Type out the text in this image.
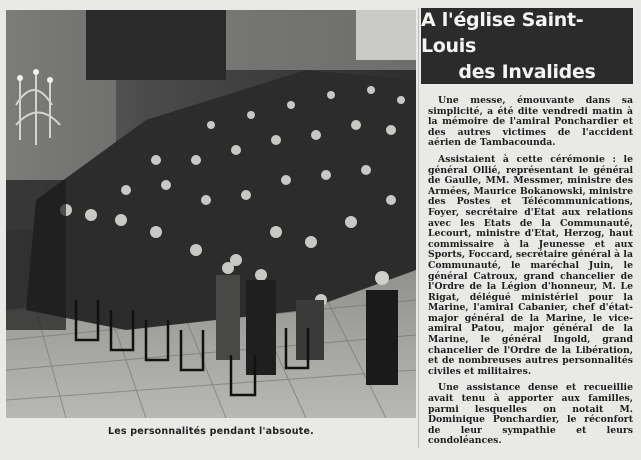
Les personnalités pendant l'absoute.
A l'église Saint-Louis
des Invalides

Une messe, émouvante dans sa simplicité, a été dite vendredi matin à la mémoire de l'amiral Ponchardier et des autres victimes de l'accident aérien de Tambacounda.

Assistaient à cette cérémonie : le général Ollié, représentant le général de Gaulle, MM. Messmer, ministre des Armées, Maurice Bokanowski, ministre des Postes et Télécommunications, Foyer, secrétaire d'Etat aux relations avec les Etats de la Communauté, Lecourt, ministre d'Etat, Herzog, haut commissaire à la Jeunesse et aux Sports, Foccard, secrétaire général à la Communauté, le maréchal Juin, le général Catroux, grand chancelier de l'Ordre de la Légion d'honneur, M. Le Rigat, délégué ministériel pour la Marine, l'amiral Cabanier, chef d'état-major général de la Marine, le vice-amiral Patou, major général de la Marine, le général Ingold, grand chancelier de l'Ordre de la Libération, et de nombreuses autres personnalités civiles et militaires.

Une assistance dense et recueillie avait tenu à apporter aux familles, parmi lesquelles on notait M. Dominique Ponchardier, le réconfort de leur sympathie et leurs condoléances.
